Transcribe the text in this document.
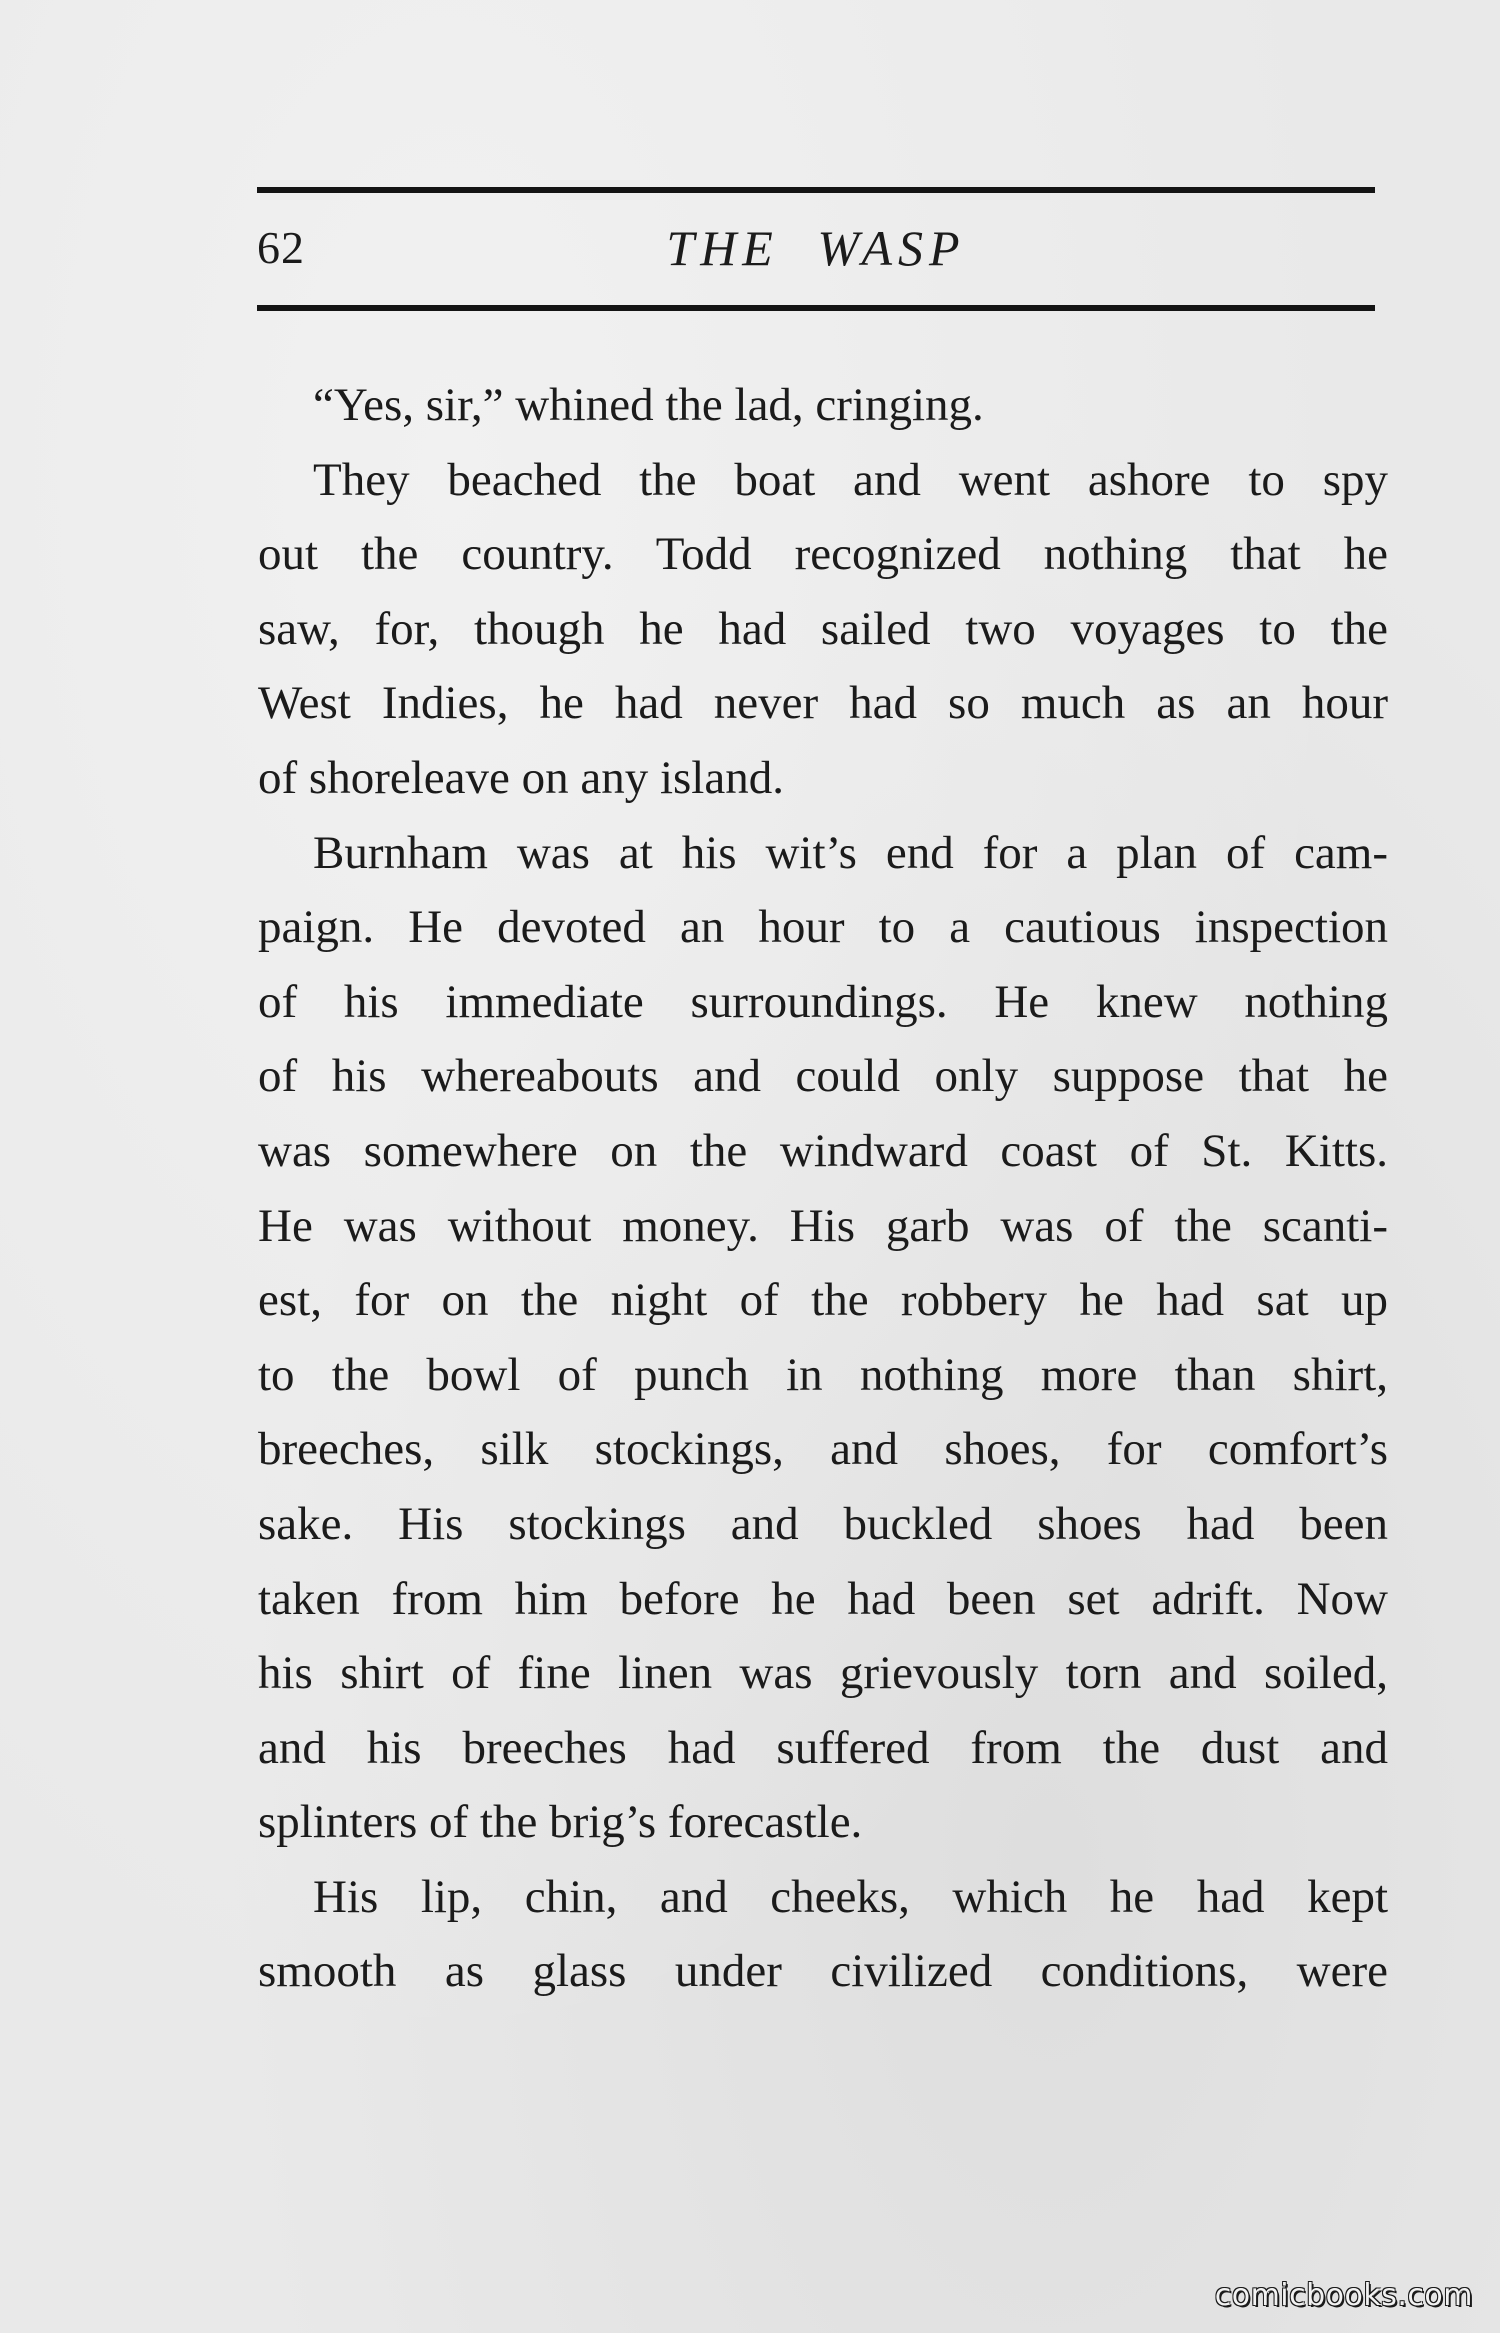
62	THE WASP
“Yes, sir,” whined the lad, cringing.
They beached the boat and went ashore to spy
out the country. Todd recognized nothing that he
saw, for, though he had sailed two voyages to the
West Indies, he had never had so much as an hour
of shoreleave on any island.
Burnham was at his wit’s end for a plan of cam-
paign. He devoted an hour to a cautious inspection
of his immediate surroundings. He knew nothing
of his whereabouts and could only suppose that he
was somewhere on the windward coast of St. Kitts.
He was without money. His garb was of the scanti-
est, for on the night of the robbery he had sat up
to the bowl of punch in nothing more than shirt,
breeches, silk stockings, and shoes, for comfort’s
sake. His stockings and buckled shoes had been
taken from him before he had been set adrift. Now
his shirt of fine linen was grievously torn and soiled,
and his breeches had suffered from the dust and
splinters of the brig’s forecastle.
His lip, chin, and cheeks, which he had kept
smooth as glass under civilized conditions, were
comicbooks.com
